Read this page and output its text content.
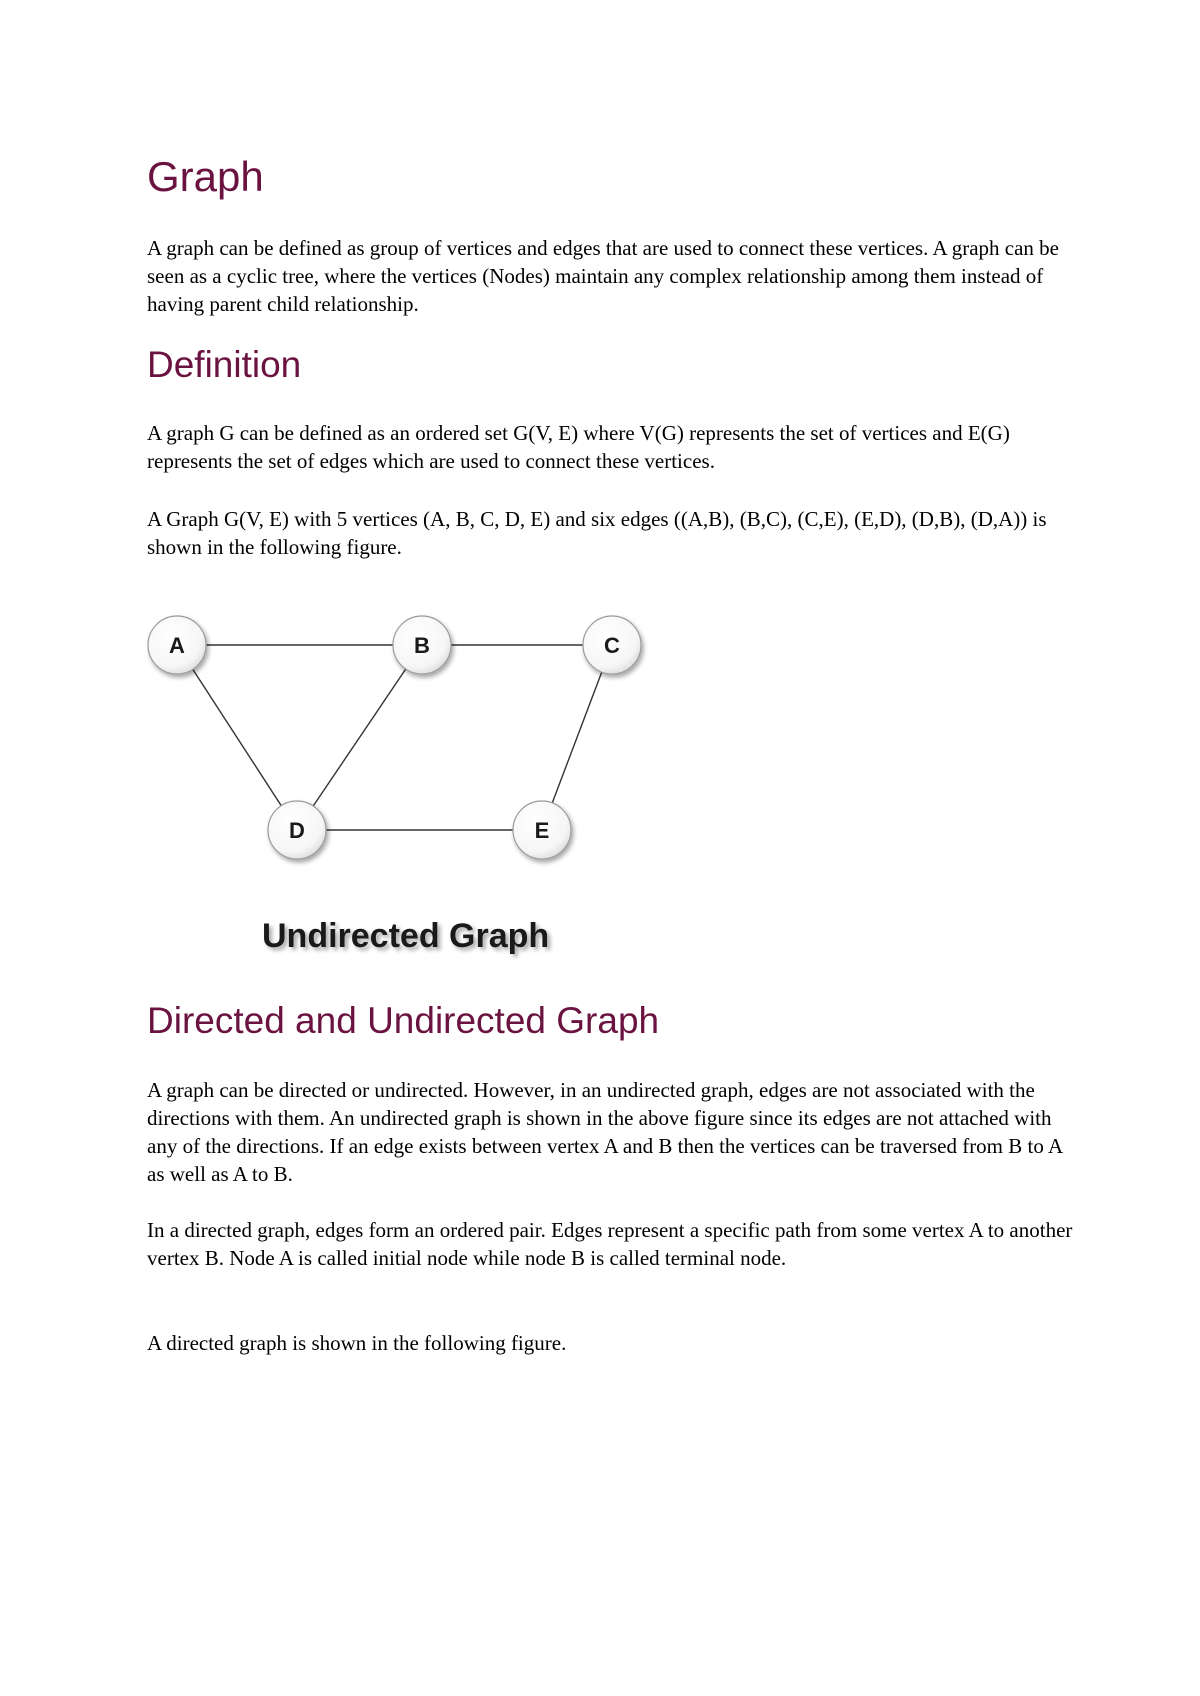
Graph

A graph can be defined as group of vertices and edges that are used to connect these vertices. A graph can be seen as a cyclic tree, where the vertices (Nodes) maintain any complex relationship among them instead of having parent child relationship.

Definition

A graph G can be defined as an ordered set G(V, E) where V(G) represents the set of vertices and E(G) represents the set of edges which are used to connect these vertices.

A Graph G(V, E) with 5 vertices (A, B, C, D, E) and six edges ((A,B), (B,C), (C,E), (E,D), (D,B), (D,A)) is shown in the following figure.

A	B	C
D	E
Undirected Graph
Directed and Undirected Graph

A graph can be directed or undirected. However, in an undirected graph, edges are not associated with the directions with them. An undirected graph is shown in the above figure since its edges are not attached with any of the directions. If an edge exists between vertex A and B then the vertices can be traversed from B to A as well as A to B.

In a directed graph, edges form an ordered pair. Edges represent a specific path from some vertex A to another vertex B. Node A is called initial node while node B is called terminal node.

A directed graph is shown in the following figure.
